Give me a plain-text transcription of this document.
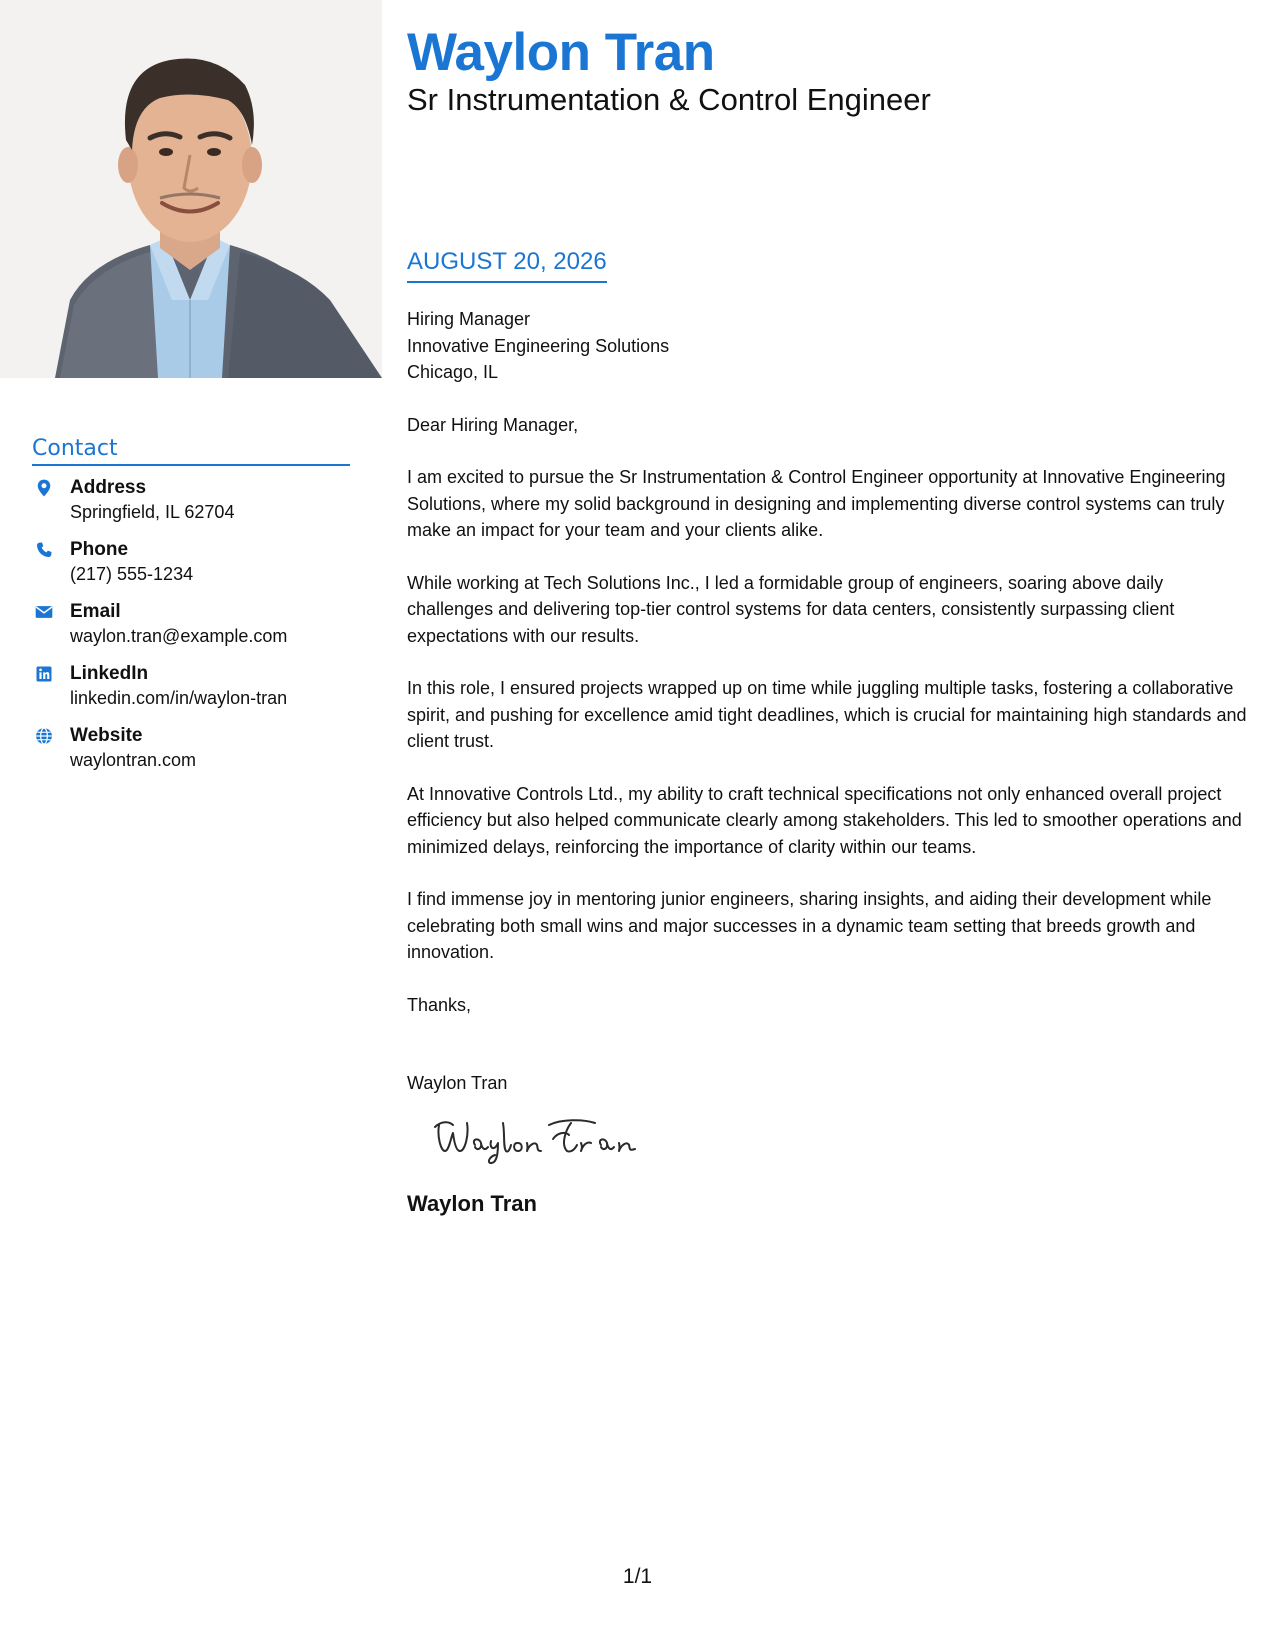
Contact
Address
Springfield, IL 62704
Phone
(217) 555-1234
Email
waylon.tran@example.com
LinkedIn
linkedin.com/in/waylon-tran
Website
waylontran.com
Waylon Tran
Sr Instrumentation & Control Engineer
AUGUST 20, 2026

Hiring Manager
Innovative Engineering Solutions
Chicago, IL

Dear Hiring Manager,

I am excited to pursue the Sr Instrumentation & Control Engineer opportunity at Innovative Engineering Solutions, where my solid background in designing and implementing diverse control systems can truly make an impact for your team and your clients alike.

While working at Tech Solutions Inc., I led a formidable group of engineers, soaring above daily challenges and delivering top-tier control systems for data centers, consistently surpassing client expectations with our results.

In this role, I ensured projects wrapped up on time while juggling multiple tasks, fostering a collaborative spirit, and pushing for excellence amid tight deadlines, which is crucial for maintaining high standards and client trust.

At Innovative Controls Ltd., my ability to craft technical specifications not only enhanced overall project efficiency but also helped communicate clearly among stakeholders. This led to smoother operations and minimized delays, reinforcing the importance of clarity within our teams.

I find immense joy in mentoring junior engineers, sharing insights, and aiding their development while celebrating both small wins and major successes in a dynamic team setting that breeds growth and innovation.

Thanks,

Waylon Tran

Waylon Tran
1/1
